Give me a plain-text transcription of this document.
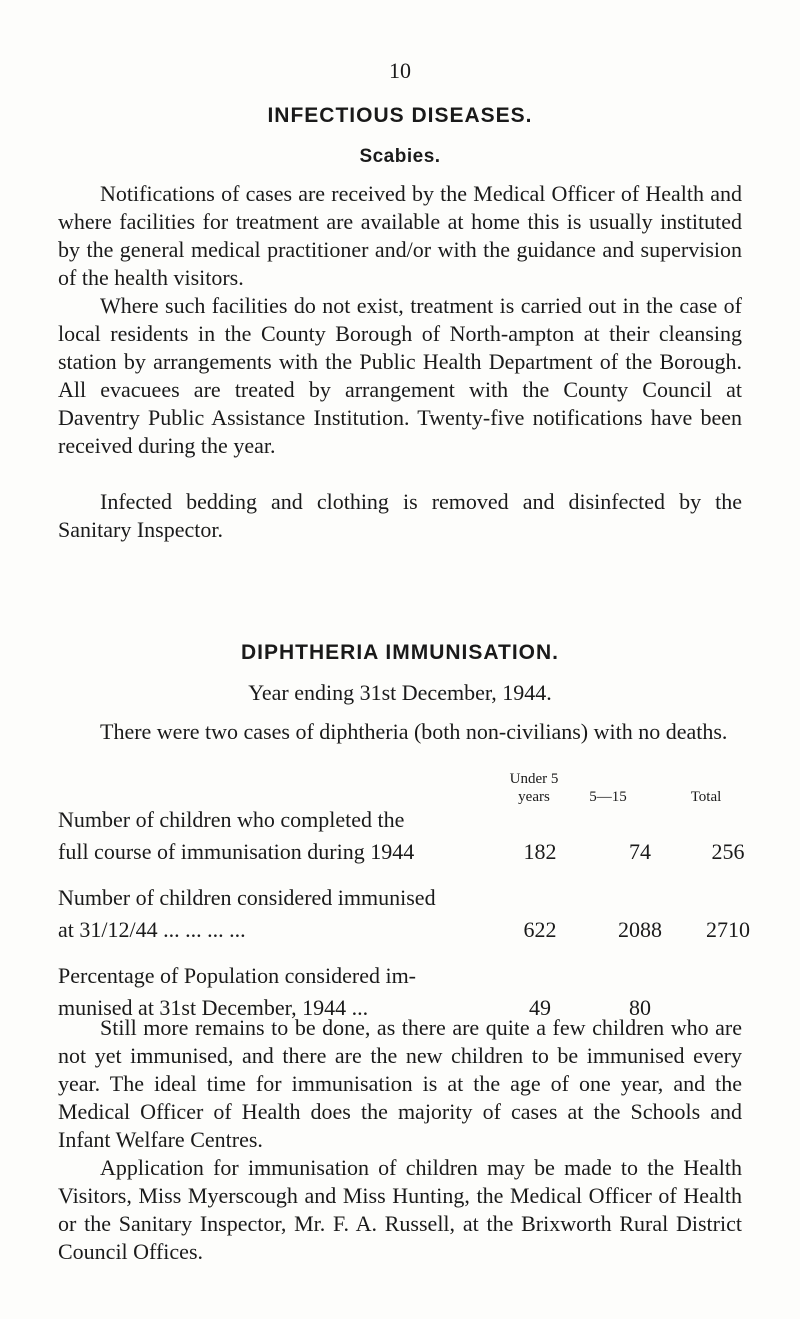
10
INFECTIOUS DISEASES.
Scabies.

Notifications of cases are received by the Medical Officer of Health and where facilities for treatment are available at home this is usually instituted by the general medical practitioner and/or with the guidance and supervision of the health visitors.

Where such facilities do not exist, treatment is carried out in the case of local residents in the County Borough of North-ampton at their cleansing station by arrangements with the Public Health Department of the Borough. All evacuees are treated by arrangement with the County Council at Daventry Public Assistance Institution. Twenty-five notifications have been received during the year.

Infected bedding and clothing is removed and disinfected by the Sanitary Inspector.

DIPHTHERIA IMMUNISATION.
Year ending 31st December, 1944.

There were two cases of diphtheria (both non-civilians) with no deaths.

Under 5
years	5—15	Total
Number of children who completed the
full course of immunisation during 1944	182	74	256
Number of children considered immunised
at 31/12/44 ... ... ... ...	622	2088	2710
Percentage of Population considered im-
munised at 31st December, 1944 ...	49	80

Still more remains to be done, as there are quite a few children who are not yet immunised, and there are the new children to be immunised every year. The ideal time for immunisation is at the age of one year, and the Medical Officer of Health does the majority of cases at the Schools and Infant Welfare Centres.

Application for immunisation of children may be made to the Health Visitors, Miss Myerscough and Miss Hunting, the Medical Officer of Health or the Sanitary Inspector, Mr. F. A. Russell, at the Brixworth Rural District Council Offices.
